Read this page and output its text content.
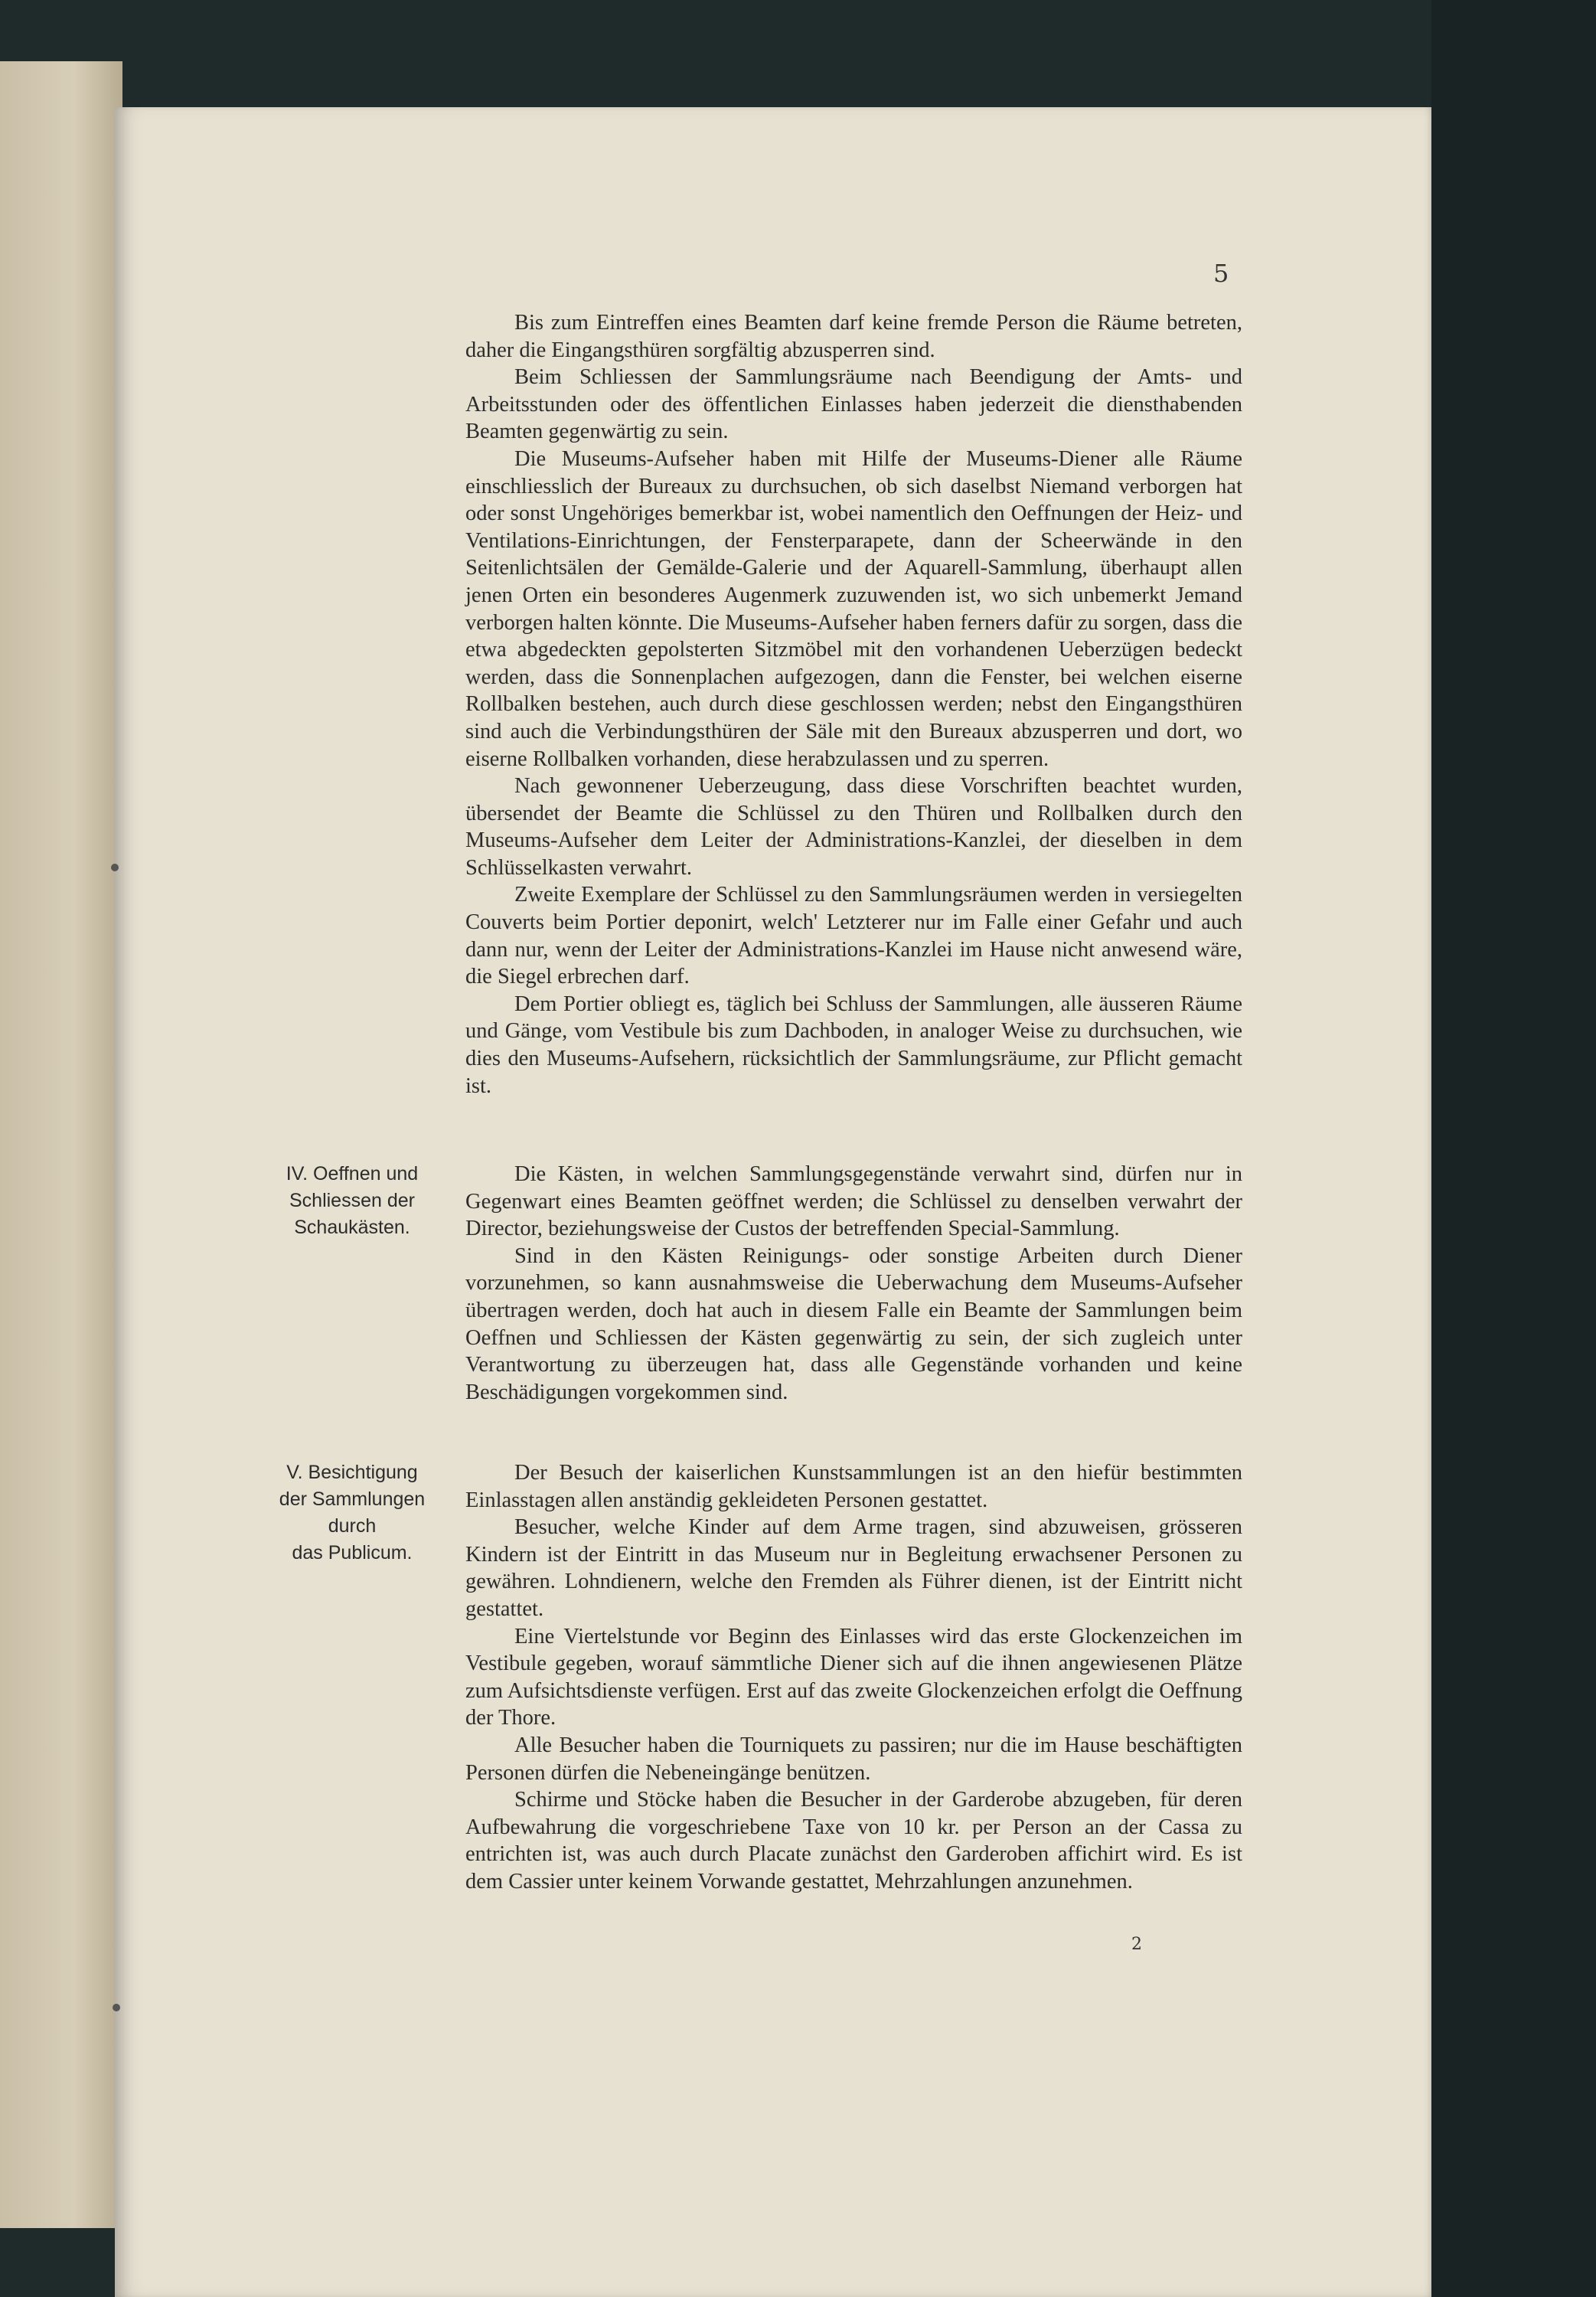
5

Bis zum Eintreffen eines Beamten darf keine fremde Person die Räume betreten, daher die Eingangsthüren sorgfältig abzusperren sind.

Beim Schliessen der Sammlungsräume nach Beendigung der Amts- und Arbeitsstunden oder des öffentlichen Einlasses haben jederzeit die diensthabenden Beamten gegenwärtig zu sein.

Die Museums-Aufseher haben mit Hilfe der Museums-Diener alle Räume einschliesslich der Bureaux zu durchsuchen, ob sich daselbst Niemand verborgen hat oder sonst Ungehöriges bemerkbar ist, wobei namentlich den Oeffnungen der Heiz- und Ventilations-Einrichtungen, der Fensterparapete, dann der Scheerwände in den Seitenlichtsälen der Gemälde-Galerie und der Aquarell-Sammlung, überhaupt allen jenen Orten ein besonderes Augenmerk zuzuwenden ist, wo sich unbemerkt Jemand verborgen halten könnte. Die Museums-Aufseher haben ferners dafür zu sorgen, dass die etwa abgedeckten gepolsterten Sitzmöbel mit den vorhandenen Ueberzügen bedeckt werden, dass die Sonnenplachen aufgezogen, dann die Fenster, bei welchen eiserne Rollbalken bestehen, auch durch diese geschlossen werden; nebst den Eingangsthüren sind auch die Verbindungsthüren der Säle mit den Bureaux abzusperren und dort, wo eiserne Rollbalken vorhanden, diese herabzulassen und zu sperren.

Nach gewonnener Ueberzeugung, dass diese Vorschriften beachtet wurden, übersendet der Beamte die Schlüssel zu den Thüren und Rollbalken durch den Museums-Aufseher dem Leiter der Administrations-Kanzlei, der dieselben in dem Schlüsselkasten verwahrt.

Zweite Exemplare der Schlüssel zu den Sammlungsräumen werden in versiegelten Couverts beim Portier deponirt, welch' Letzterer nur im Falle einer Gefahr und auch dann nur, wenn der Leiter der Administrations-Kanzlei im Hause nicht anwesend wäre, die Siegel erbrechen darf.

Dem Portier obliegt es, täglich bei Schluss der Sammlungen, alle äusseren Räume und Gänge, vom Vestibule bis zum Dachboden, in analoger Weise zu durchsuchen, wie dies den Museums-Aufsehern, rücksichtlich der Sammlungsräume, zur Pflicht gemacht ist.

IV. Oeffnen und
Schliessen der
Schaukästen.

Die Kästen, in welchen Sammlungsgegenstände verwahrt sind, dürfen nur in Gegenwart eines Beamten geöffnet werden; die Schlüssel zu denselben verwahrt der Director, beziehungsweise der Custos der betreffenden Special-Sammlung.

Sind in den Kästen Reinigungs- oder sonstige Arbeiten durch Diener vorzunehmen, so kann ausnahmsweise die Ueberwachung dem Museums-Aufseher übertragen werden, doch hat auch in diesem Falle ein Beamte der Sammlungen beim Oeffnen und Schliessen der Kästen gegenwärtig zu sein, der sich zugleich unter Verantwortung zu überzeugen hat, dass alle Gegenstände vorhanden und keine Beschädigungen vorgekommen sind.

V. Besichtigung
der Sammlungen
durch
das Publicum.

Der Besuch der kaiserlichen Kunstsammlungen ist an den hiefür bestimmten Einlasstagen allen anständig gekleideten Personen gestattet.

Besucher, welche Kinder auf dem Arme tragen, sind abzuweisen, grösseren Kindern ist der Eintritt in das Museum nur in Begleitung erwachsener Personen zu gewähren. Lohndienern, welche den Fremden als Führer dienen, ist der Eintritt nicht gestattet.

Eine Viertelstunde vor Beginn des Einlasses wird das erste Glockenzeichen im Vestibule gegeben, worauf sämmtliche Diener sich auf die ihnen angewiesenen Plätze zum Aufsichtsdienste verfügen. Erst auf das zweite Glockenzeichen erfolgt die Oeffnung der Thore.

Alle Besucher haben die Tourniquets zu passiren; nur die im Hause beschäftigten Personen dürfen die Nebeneingänge benützen.

Schirme und Stöcke haben die Besucher in der Garderobe abzugeben, für deren Aufbewahrung die vorgeschriebene Taxe von 10 kr. per Person an der Cassa zu entrichten ist, was auch durch Placate zunächst den Garderoben affichirt wird. Es ist dem Cassier unter keinem Vorwande gestattet, Mehrzahlungen anzunehmen.

2
